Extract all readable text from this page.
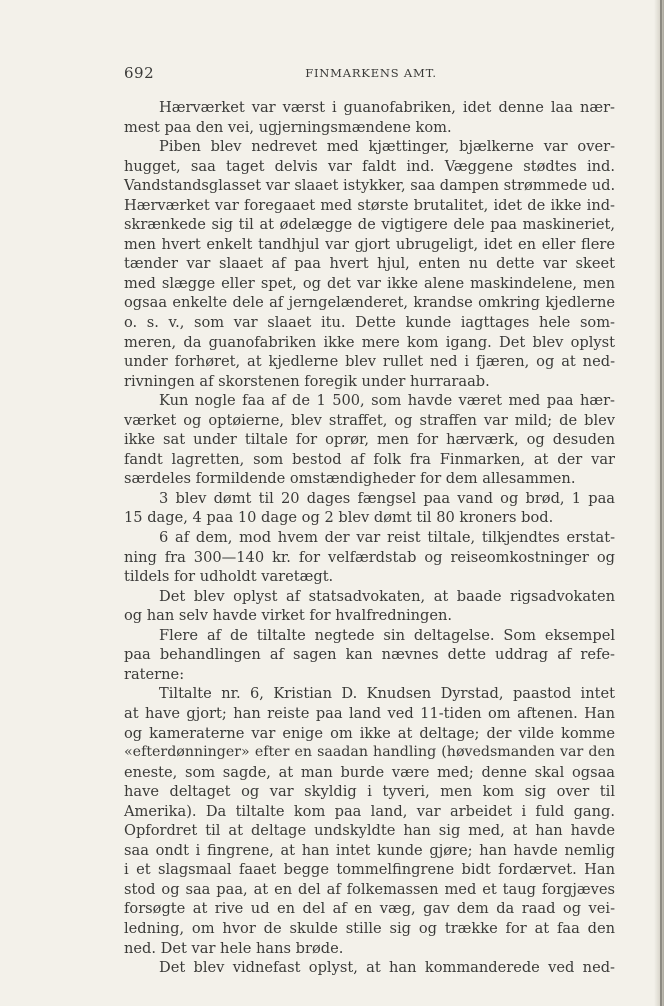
692	FINMARKENS AMT.
Hærværket var værst i guanofabriken, idet denne laa nær-
mest paa den vei, ugjerningsmændene kom.
Piben blev nedrevet med kjættinger, bjælkerne var over-
hugget, saa taget delvis var faldt ind. Væggene stødtes ind.
Vandstandsglasset var slaaet istykker, saa dampen strømmede ud.
Hærværket var foregaaet med største brutalitet, idet de ikke ind-
skrænkede sig til at ødelægge de vigtigere dele paa maskineriet,
men hvert enkelt tandhjul var gjort ubrugeligt, idet en eller flere
tænder var slaaet af paa hvert hjul, enten nu dette var skeet
med slægge eller spet, og det var ikke alene maskindelene, men
ogsaa enkelte dele af jerngelænderet, krandse omkring kjedlerne
o. s. v., som var slaaet itu. Dette kunde iagttages hele som-
meren, da guanofabriken ikke mere kom igang. Det blev oplyst
under forhøret, at kjedlerne blev rullet ned i fjæren, og at ned-
rivningen af skorstenen foregik under hurraraab.
Kun nogle faa af de 1 500, som havde været med paa hær-
værket og optøierne, blev straffet, og straffen var mild; de blev
ikke sat under tiltale for oprør, men for hærværk, og desuden
fandt lagretten, som bestod af folk fra Finmarken, at der var
særdeles formildende omstændigheder for dem allesammen.
3 blev dømt til 20 dages fængsel paa vand og brød, 1 paa
15 dage, 4 paa 10 dage og 2 blev dømt til 80 kroners bod.
6 af dem, mod hvem der var reist tiltale, tilkjendtes erstat-
ning fra 300—140 kr. for velfærdstab og reiseomkostninger og
tildels for udholdt varetægt.
Det blev oplyst af statsadvokaten, at baade rigsadvokaten
og han selv havde virket for hvalfredningen.
Flere af de tiltalte negtede sin deltagelse. Som eksempel
paa behandlingen af sagen kan nævnes dette uddrag af refe-
raterne:
Tiltalte nr. 6, Kristian D. Knudsen Dyrstad, paastod intet
at have gjort; han reiste paa land ved 11-tiden om aftenen. Han
og kameraterne var enige om ikke at deltage; der vilde komme
«efterdønninger» efter en saadan handling (høvedsmanden var den
eneste, som sagde, at man burde være med; denne skal ogsaa
have deltaget og var skyldig i tyveri, men kom sig over til
Amerika). Da tiltalte kom paa land, var arbeidet i fuld gang.
Opfordret til at deltage undskyldte han sig med, at han havde
saa ondt i fingrene, at han intet kunde gjøre; han havde nemlig
i et slagsmaal faaet begge tommelfingrene bidt fordærvet. Han
stod og saa paa, at en del af folkemassen med et taug forgjæves
forsøgte at rive ud en del af en væg, gav dem da raad og vei-
ledning, om hvor de skulde stille sig og trække for at faa den
ned. Det var hele hans brøde.
Det blev vidnefast oplyst, at han kommanderede ved ned-
